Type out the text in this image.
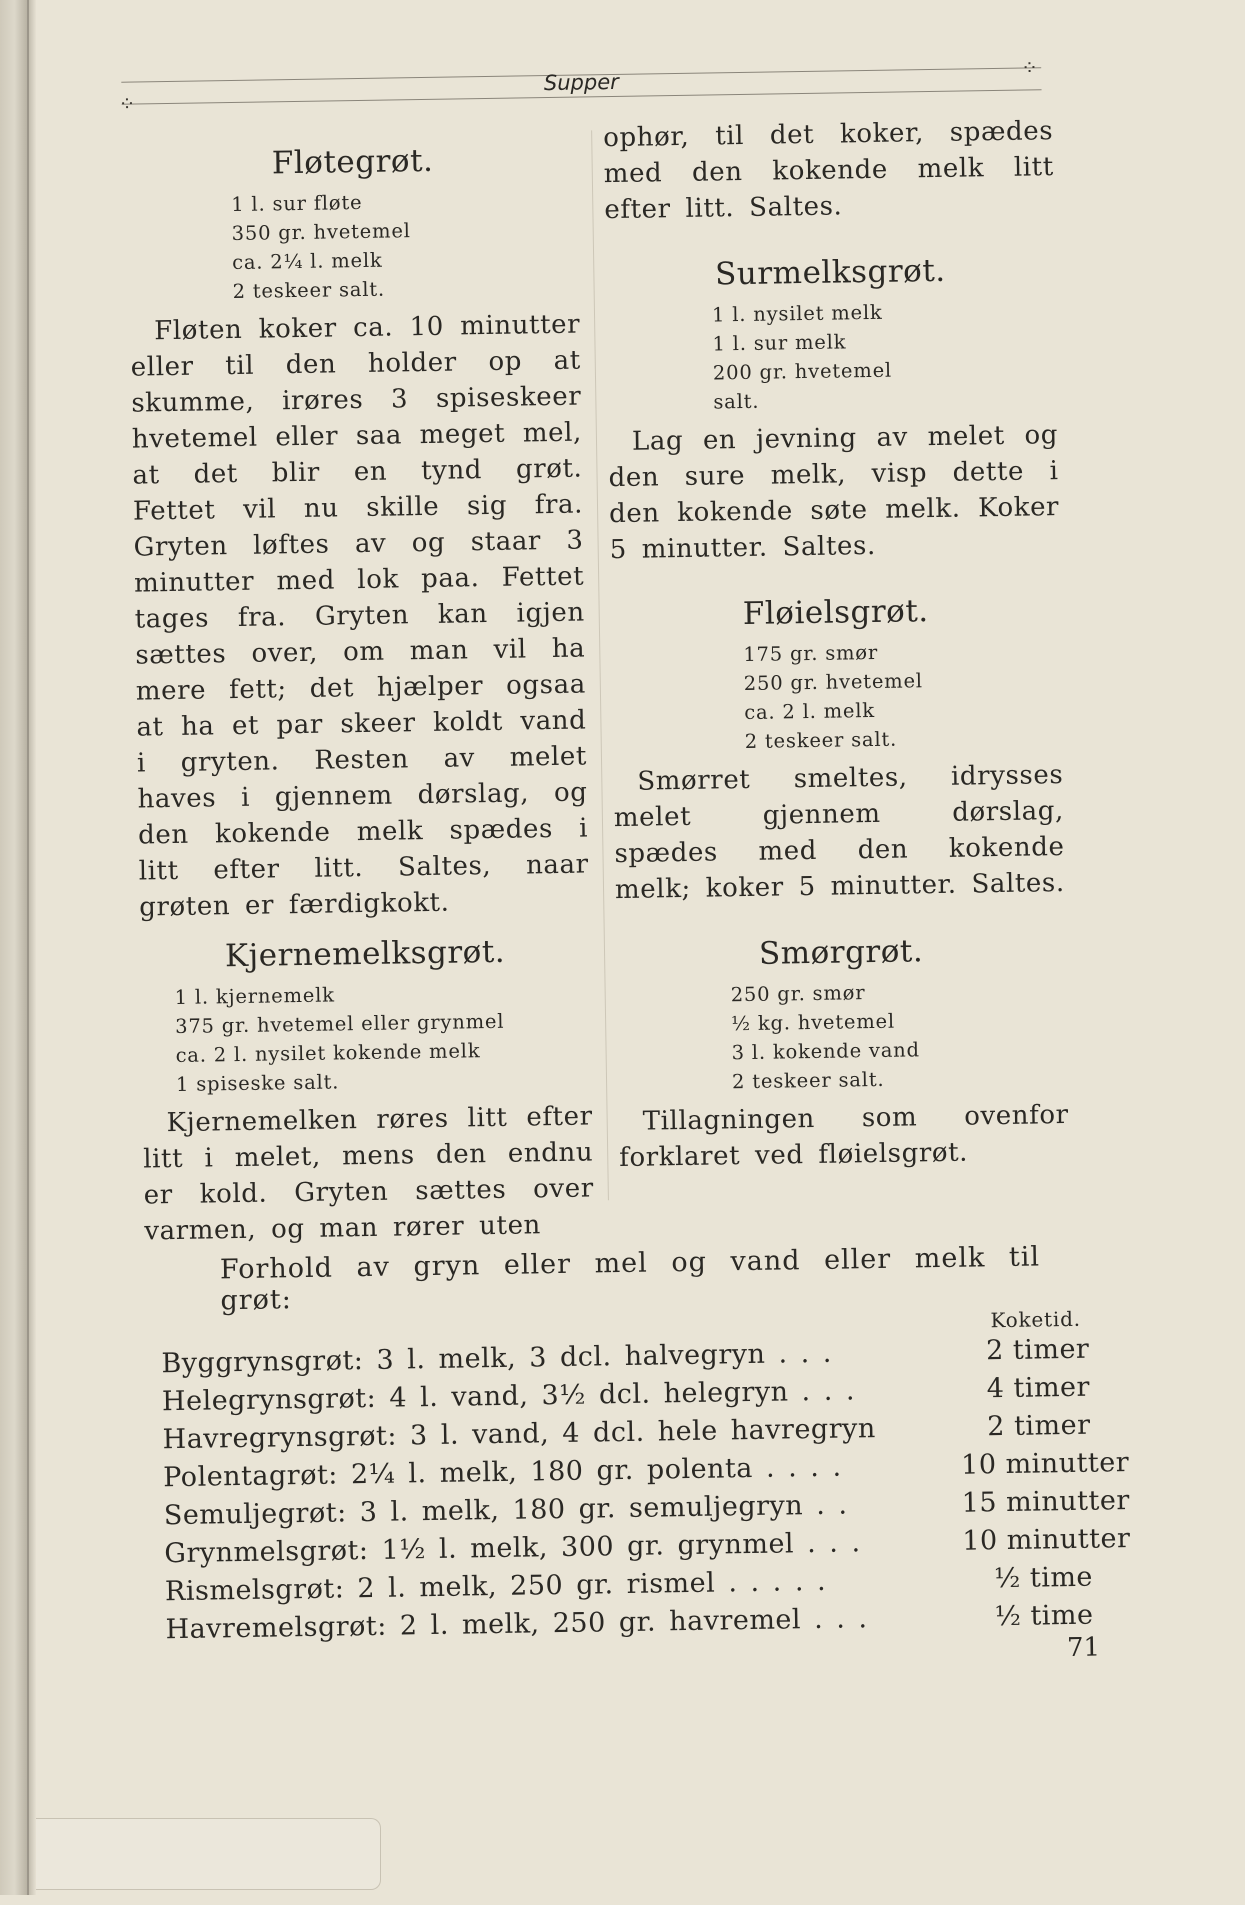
⁘
Supper
⁘
Fløtegrøt.
1 l. sur fløte
350 gr. hvetemel
ca. 2¼ l. melk
2 teskeer salt.

Fløten koker ca. 10 minutter eller til den holder op at skumme, irøres 3 spiseskeer hvetemel eller saa meget mel, at det blir en tynd grøt. Fettet vil nu skille sig fra. Gryten løftes av og staar 3 minutter med lok paa. Fettet tages fra. Gryten kan igjen sættes over, om man vil ha mere fett; det hjælper ogsaa at ha et par skeer koldt vand i gryten. Resten av melet haves i gjennem dørslag, og den kokende melk spædes i litt efter litt. Saltes, naar grøten er færdigkokt.

Kjernemelksgrøt.
1 l. kjernemelk
375 gr. hvetemel eller grynmel
ca. 2 l. nysilet kokende melk
1 spiseske salt.

Kjernemelken røres litt efter litt i melet, mens den endnu er kold. Gryten sættes over varmen, og man rører uten

ophør, til det koker, spædes med den kokende melk litt efter litt. Saltes.

Surmelksgrøt.
1 l. nysilet melk
1 l. sur melk
200 gr. hvetemel
salt.

Lag en jevning av melet og den sure melk, visp dette i den kokende søte melk. Koker 5 minutter. Saltes.

Fløielsgrøt.
175 gr. smør
250 gr. hvetemel
ca. 2 l. melk
2 teskeer salt.

Smørret smeltes, idrysses melet gjennem dørslag, spædes med den kokende melk; koker 5 minutter. Saltes.

Smørgrøt.
250 gr. smør
½ kg. hvetemel
3 l. kokende vand
2 teskeer salt.

Tillagningen som ovenfor forklaret ved fløielsgrøt.

Forhold av gryn eller mel og vand eller melk til grøt:
Koketid.
Byggrynsgrøt: 3 l. melk, 3 dcl. halvegryn . . .	2 timer
Helegrynsgrøt: 4 l. vand, 3½ dcl. helegryn . . .	4 timer
Havregrynsgrøt: 3 l. vand, 4 dcl. hele havregryn	2 timer
Polentagrøt: 2¼ l. melk, 180 gr. polenta . . . .	10 minutter
Semuljegrøt: 3 l. melk, 180 gr. semuljegryn . .	15 minutter
Grynmelsgrøt: 1½ l. melk, 300 gr. grynmel . . .	10 minutter
Rismelsgrøt: 2 l. melk, 250 gr. rismel . . . . .	½ time
Havremelsgrøt: 2 l. melk, 250 gr. havremel . . .	½ time
71
